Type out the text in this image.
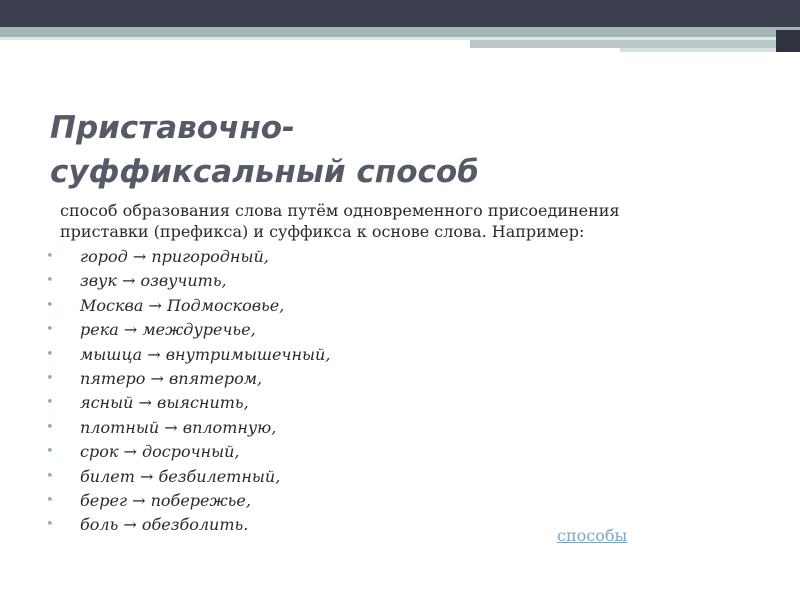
Приставочно-
суффиксальный способ

способ образования слова путём одновременного присоединения
приставки (префикса) и суффикса к основе слова. Например:

• город → пригородный,
• звук → озвучить,
• Москва → Подмосковье,
• река → междуречье,
• мышца → внутримышечный,
• пятеро → впятером,
• ясный → выяснить,
• плотный → вплотную,
• срок → досрочный,
• билет → безбилетный,
• берег → побережье,
• боль → обезболить.
способы
